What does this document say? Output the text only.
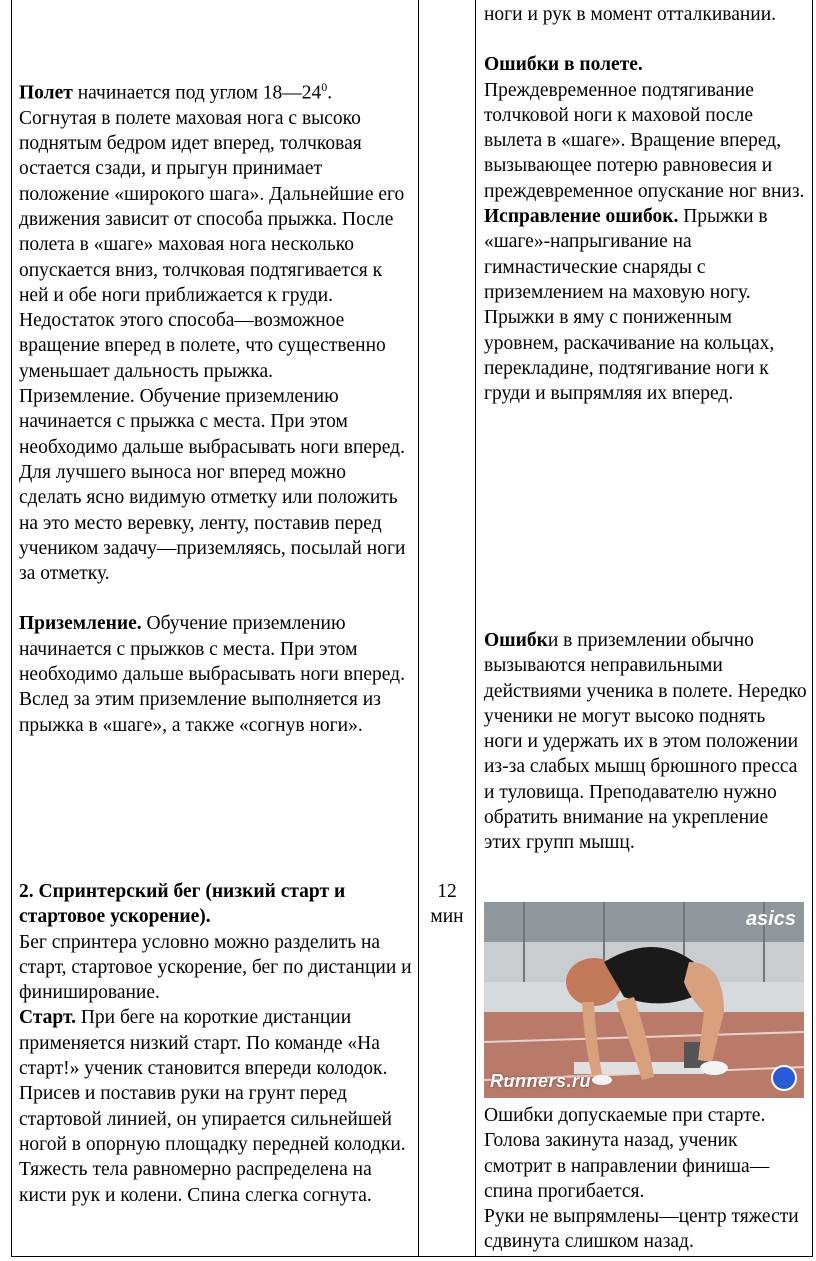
Полет начинается под углом $18—24^0$. Согнутая в полете маховая нога с высоко поднятым бедром идет вперед, толчковая остается сзади, и прыгун принимает положение «широкого шага». Дальнейшие его движения зависит от способа прыжка. После полета в «шаге» маховая нога несколько опускается вниз, толчковая подтягивается к ней и обе ноги приближается к груди. Недостаток этого способа—возможное вращение вперед в полете, что существенно уменьшает дальность прыжка.

Приземление. Обучение приземлению начинается с прыжка с места. При этом необходимо дальше выбрасывать ноги вперед. Для лучшего выноса ног вперед можно сделать ясно видимую отметку или положить на это место веревку, ленту, поставив перед учеником задачу—приземляясь, посылай ноги за отметку.

Приземление. Обучение приземлению начинается с прыжков с места. При этом необходимо дальше выбрасывать ноги вперед. Вслед за этим приземление выполняется из прыжка в «шаге», а также «согнув ноги».

2. Спринтерский бег (низкий старт и стартовое ускорение).

Бег спринтера условно можно разделить на старт, стартовое ускорение, бег по дистанции и финиширование.

Старт. При беге на короткие дистанции применяется низкий старт. По команде «На старт!» ученик становится впереди колодок. Присев и поставив руки на грунт перед стартовой линией, он упирается сильнейшей ногой в опорную площадку передней колодки. Тяжесть тела равномерно распределена на кисти рук и колени. Спина слегка согнута.

12

мин

ноги и рук в момент отталкивании.

Ошибки в полете.

Преждевременное подтягивание толчковой ноги к маховой после вылета в «шаге». Вращение вперед, вызывающее потерю равновесия и преждевременное опускание ног вниз.

Исправление ошибок. Прыжки в «шаге»-напрыгивание на гимнастические снаряды с приземлением на маховую ногу. Прыжки в яму с пониженным уровнем, раскачивание на кольцах, перекладине, подтягивание ноги к груди и выпрямляя их вперед.

Ошибки в приземлении обычно вызываются неправильными действиями ученика в полете. Нередко ученики не могут высоко поднять ноги и удержать их в этом положении из-за слабых мышц брюшного пресса и туловища. Преподавателю нужно обратить внимание на укрепление этих групп мышц.

Runners.ru
asics

Ошибки допускаемые при старте. Голова закинута назад, ученик смотрит в направлении финиша—спина прогибается.

Руки не выпрямлены—центр тяжести сдвинута слишком назад.
